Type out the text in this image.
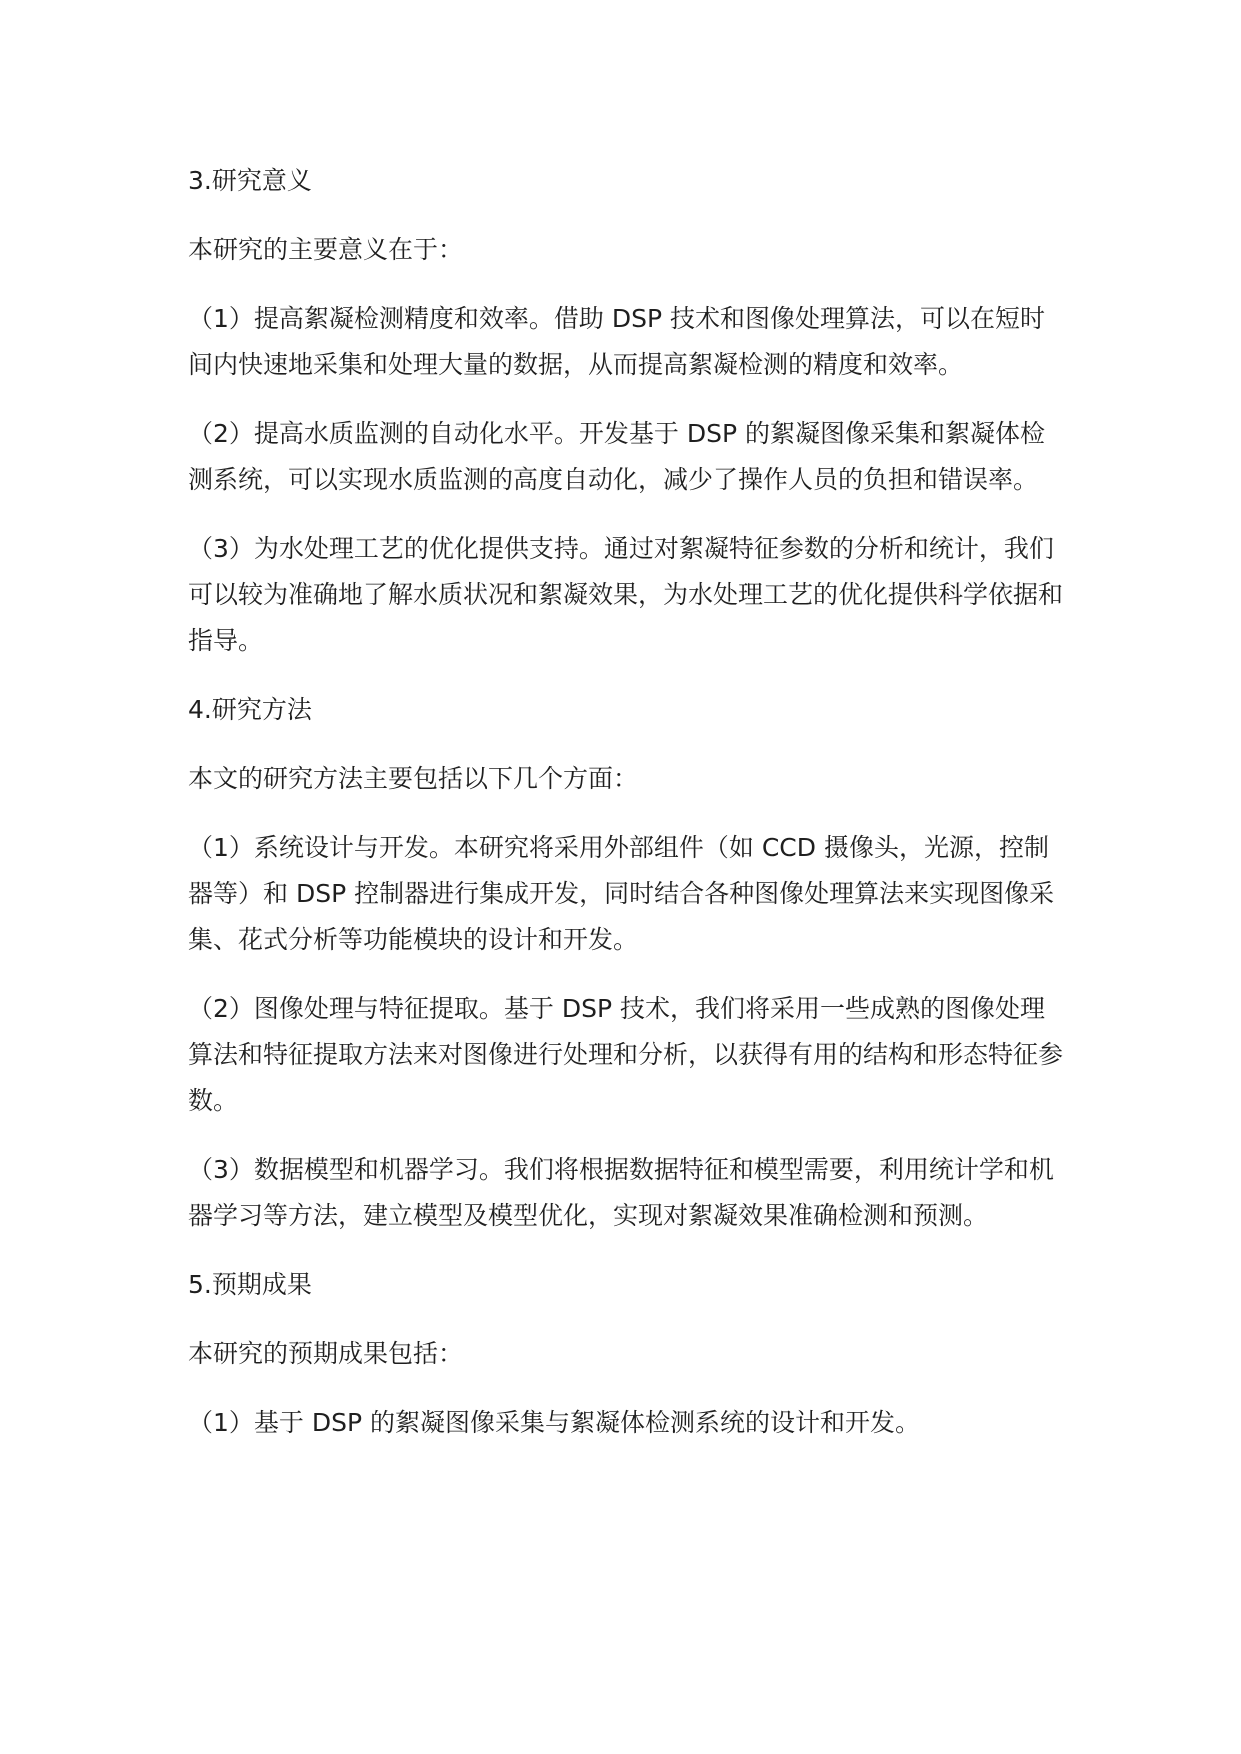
3.研究意义
本研究的主要意义在于：
（1）提高絮凝检测精度和效率。借助 DSP 技术和图像处理算法，可以在短时间内快速地采集和处理大量的数据，从而提高絮凝检测的精度和效率。
（2）提高水质监测的自动化水平。开发基于 DSP 的絮凝图像采集和絮凝体检测系统，可以实现水质监测的高度自动化，减少了操作人员的负担和错误率。
（3）为水处理工艺的优化提供支持。通过对絮凝特征参数的分析和统计，我们可以较为准确地了解水质状况和絮凝效果，为水处理工艺的优化提供科学依据和指导。
4.研究方法
本文的研究方法主要包括以下几个方面：
（1）系统设计与开发。本研究将采用外部组件（如 CCD 摄像头，光源，控制器等）和 DSP 控制器进行集成开发，同时结合各种图像处理算法来实现图像采集、花式分析等功能模块的设计和开发。
（2）图像处理与特征提取。基于 DSP 技术，我们将采用一些成熟的图像处理算法和特征提取方法来对图像进行处理和分析，以获得有用的结构和形态特征参数。
（3）数据模型和机器学习。我们将根据数据特征和模型需要，利用统计学和机器学习等方法，建立模型及模型优化，实现对絮凝效果准确检测和预测。
5.预期成果
本研究的预期成果包括：
（1）基于 DSP 的絮凝图像采集与絮凝体检测系统的设计和开发。
